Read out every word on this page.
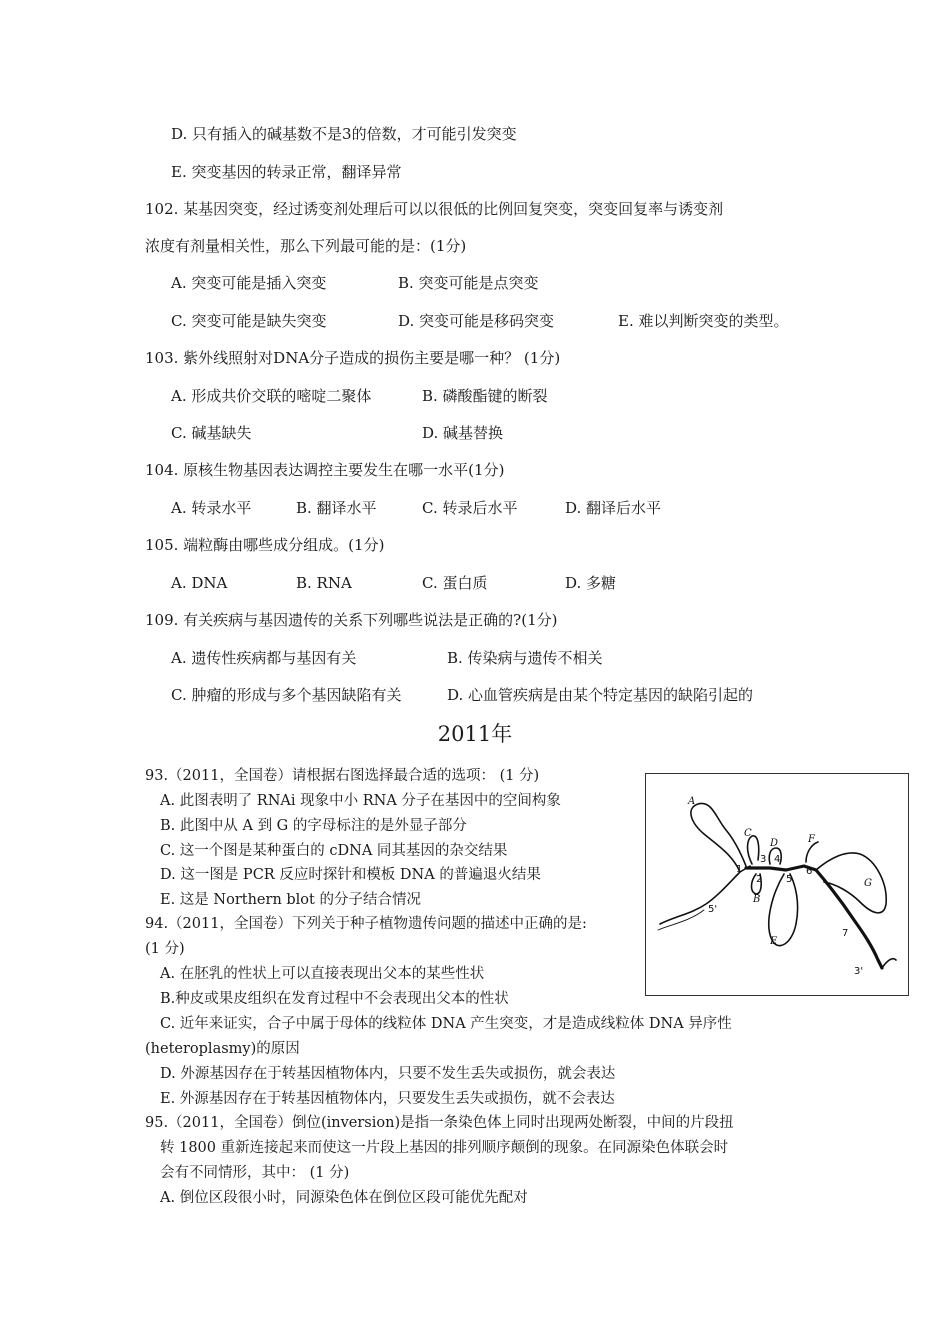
D. 只有插入的碱基数不是3的倍数，才可能引发突变
E. 突变基因的转录正常，翻译异常
102. 某基因突变，经过诱变剂处理后可以以很低的比例回复突变，突变回复率与诱变剂
浓度有剂量相关性，那么下列最可能的是：(1分)
A. 突变可能是插入突变	B. 突变可能是点突变
C. 突变可能是缺失突变	D. 突变可能是移码突变	E. 难以判断突变的类型。
103. 紫外线照射对DNA分子造成的损伤主要是哪一种？ (1分)
A. 形成共价交联的嘧啶二聚体	B. 磷酸酯键的断裂
C. 碱基缺失	D. 碱基替换
104. 原核生物基因表达调控主要发生在哪一水平(1分)
A. 转录水平	B. 翻译水平	C. 转录后水平	D. 翻译后水平
105. 端粒酶由哪些成分组成。(1分)
A. DNA	B. RNA	C. 蛋白质	D. 多糖
109. 有关疾病与基因遗传的关系下列哪些说法是正确的?(1分)
A. 遗传性疾病都与基因有关	B. 传染病与遗传不相关
C. 肿瘤的形成与多个基因缺陷有关	D. 心血管疾病是由某个特定基因的缺陷引起的
2011年
93.（2011，全国卷）请根据右图选择最合适的选项： (1 分)
A. 此图表明了 RNAi 现象中小 RNA 分子在基因中的空间构象
B. 此图中从 A 到 G 的字母标注的是外显子部分
C. 这一个图是某种蛋白的 cDNA 同其基因的杂交结果
D. 这一图是 PCR 反应时探针和模板 DNA 的普遍退火结果
E. 这是 Northern blot 的分子结合情况
94.（2011，全国卷）下列关于种子植物遗传问题的描述中正确的是:
(1 分)
A. 在胚乳的性状上可以直接表现出父本的某些性状
B.种皮或果皮组织在发育过程中不会表现出父本的性状
C. 近年来证实，合子中属于母体的线粒体 DNA 产生突变，才是造成线粒体 DNA 异序性
(heteroplasmy)的原因
D. 外源基因存在于转基因植物体内，只要不发生丢失或损伤，就会表达
E. 外源基因存在于转基因植物体内，只要发生丢失或损伤，就不会表达
95.（2011，全国卷）倒位(inversion)是指一条染色体上同时出现两处断裂，中间的片段扭
转 1800 重新连接起来而使这一片段上基因的排列顺序颠倒的现象。在同源染色体联会时
会有不同情形，其中： (1 分)
A. 倒位区段很小时，同源染色体在倒位区段可能优先配对
A
B
C
D
E
F
G
1
2
3 4
5
6
7
5'
3'
